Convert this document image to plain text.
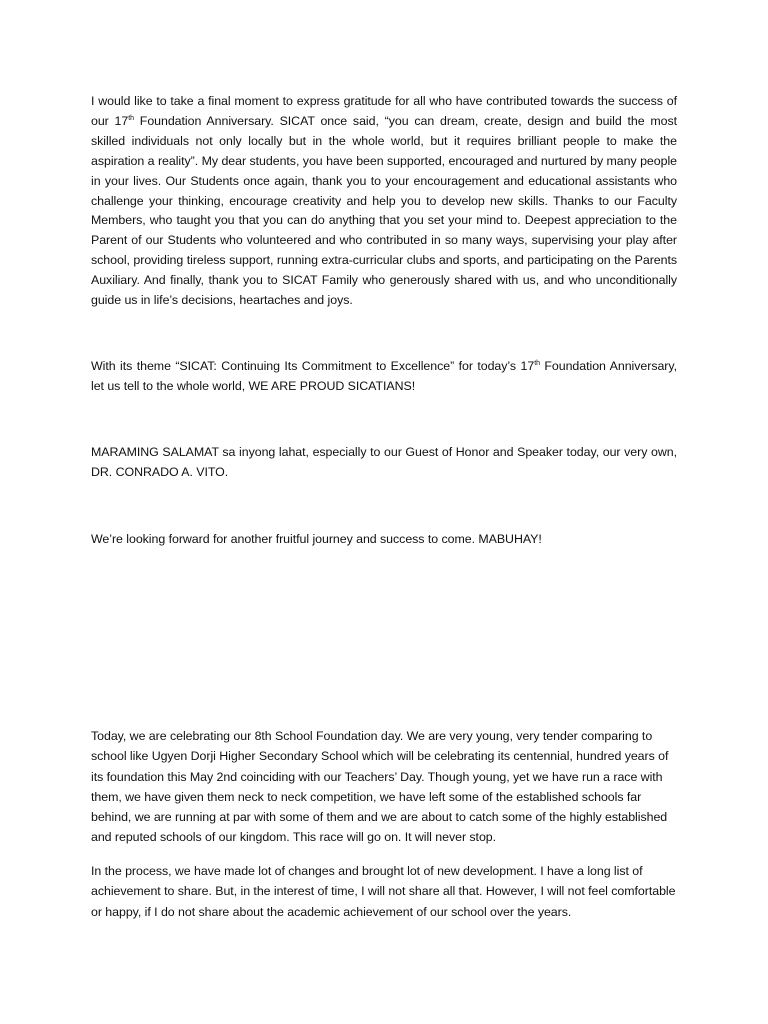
I would like to take a final moment to express gratitude for all who have contributed towards the success of our 17th Foundation Anniversary. SICAT once said, “you can dream, create, design and build the most skilled individuals not only locally but in the whole world, but it requires brilliant people to make the aspiration a reality”. My dear students, you have been supported, encouraged and nurtured by many people in your lives. Our Students once again, thank you to your encouragement and educational assistants who challenge your thinking, encourage creativity and help you to develop new skills. Thanks to our Faculty Members, who taught you that you can do anything that you set your mind to. Deepest appreciation to the Parent of our Students who volunteered and who contributed in so many ways, supervising your play after school, providing tireless support, running extra-curricular clubs and sports, and participating on the Parents Auxiliary. And finally, thank you to SICAT Family who generously shared with us, and who unconditionally guide us in life’s decisions, heartaches and joys.

With its theme “SICAT: Continuing Its Commitment to Excellence” for today’s 17th Foundation Anniversary, let us tell to the whole world, WE ARE PROUD SICATIANS!

MARAMING SALAMAT sa inyong lahat, especially to our Guest of Honor and Speaker today, our very own, DR. CONRADO A. VITO.

We’re looking forward for another fruitful journey and success to come. MABUHAY!

Today, we are celebrating our 8th School Foundation day. We are very young, very tender comparing to school like Ugyen Dorji Higher Secondary School which will be celebrating its centennial, hundred years of its foundation this May 2nd coinciding with our Teachers’ Day. Though young, yet we have run a race with them, we have given them neck to neck competition, we have left some of the established schools far behind, we are running at par with some of them and we are about to catch some of the highly established and reputed schools of our kingdom. This race will go on. It will never stop.

In the process, we have made lot of changes and brought lot of new development. I have a long list of achievement to share. But, in the interest of time, I will not share all that. However, I will not feel comfortable or happy, if I do not share about the academic achievement of our school over the years.
